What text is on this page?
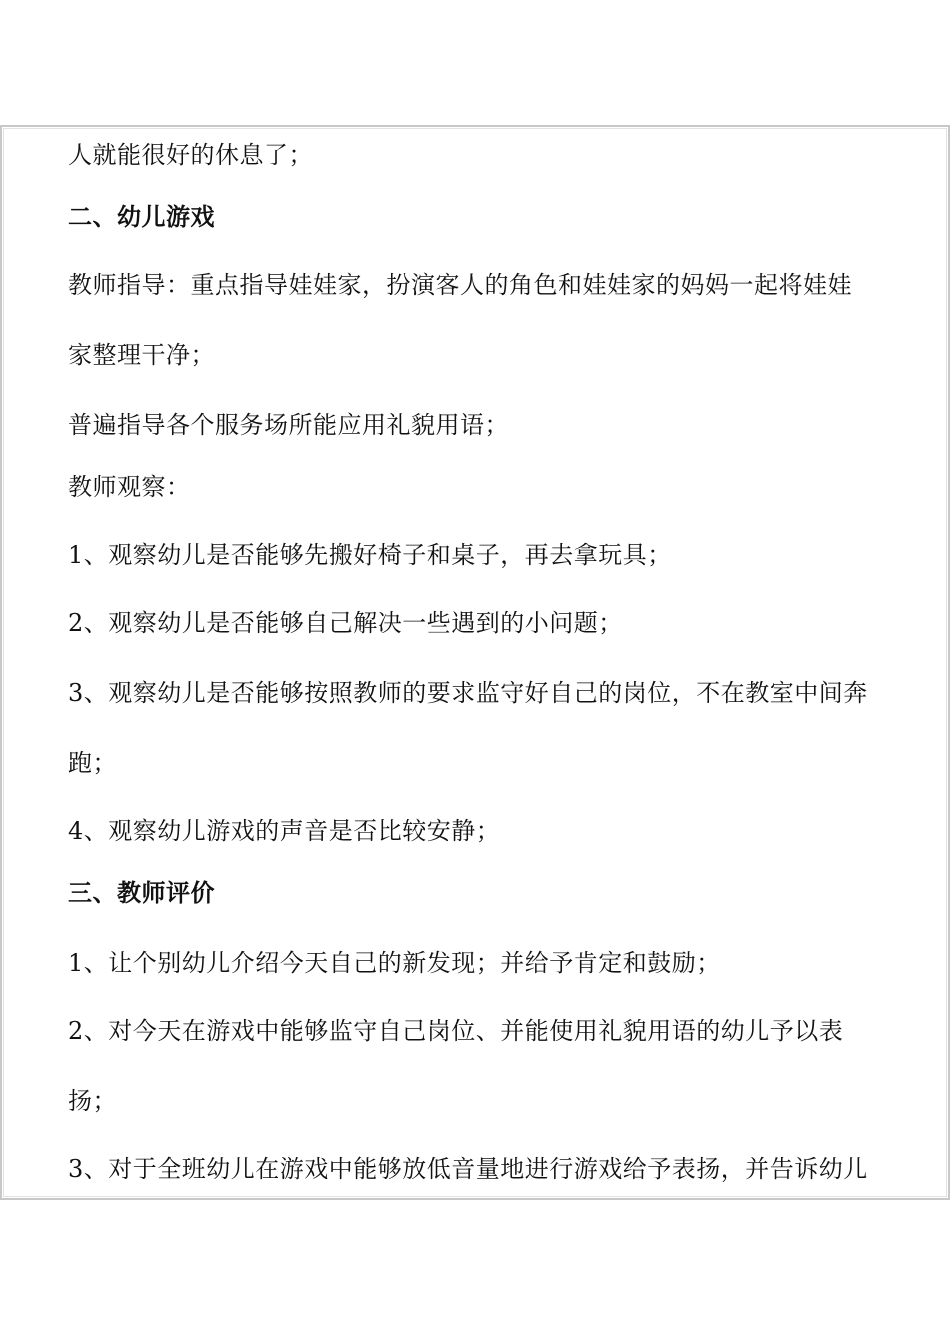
人就能很好的休息了；
二、幼儿游戏
教师指导：重点指导娃娃家，扮演客人的角色和娃娃家的妈妈一起将娃娃
家整理干净；
普遍指导各个服务场所能应用礼貌用语；
教师观察：
1、观察幼儿是否能够先搬好椅子和桌子，再去拿玩具；
2、观察幼儿是否能够自己解决一些遇到的小问题；
3、观察幼儿是否能够按照教师的要求监守好自己的岗位，不在教室中间奔
跑；
4、观察幼儿游戏的声音是否比较安静；
三、教师评价
1、让个别幼儿介绍今天自己的新发现；并给予肯定和鼓励；
2、对今天在游戏中能够监守自己岗位、并能使用礼貌用语的幼儿予以表
扬；
3、对于全班幼儿在游戏中能够放低音量地进行游戏给予表扬，并告诉幼儿
